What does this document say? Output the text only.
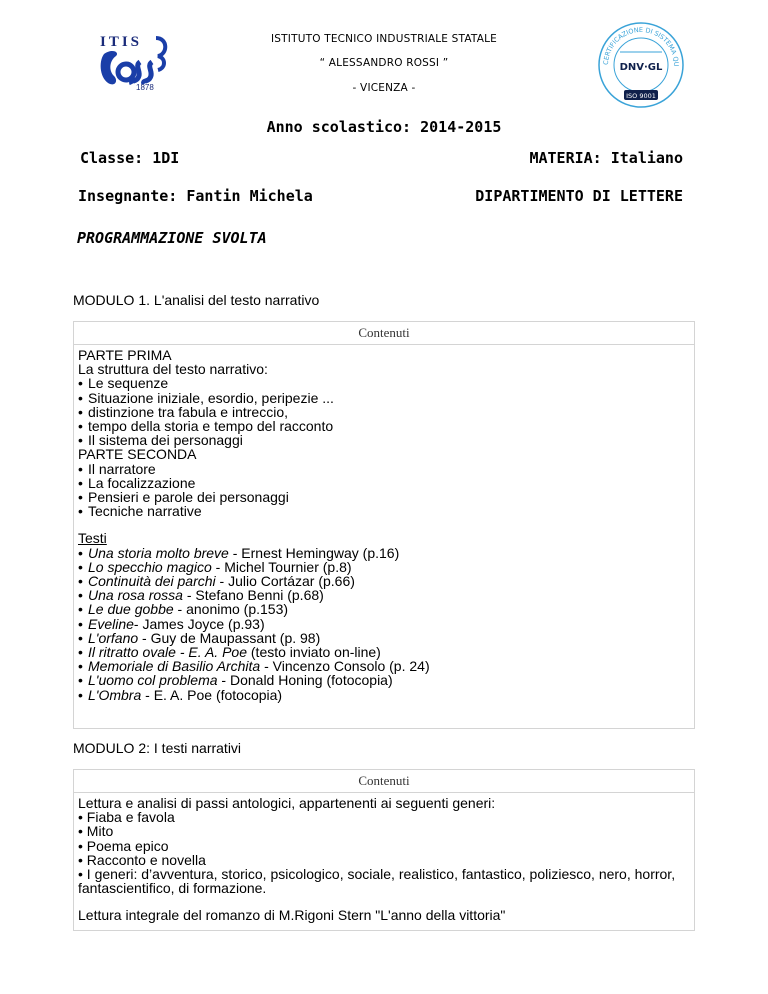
ITIS
1878
ISTITUTO TECNICO INDUSTRIALE STATALE
“ ALESSANDRO ROSSI ”
- VICENZA -
CERTIFICAZIONE DI SISTEMA QU
DNV·GL
ISO 9001
Anno scolastico: 2014-2015
Classe: 1DI	MATERIA: Italiano
Insegnante: Fantin Michela	DIPARTIMENTO DI LETTERE
PROGRAMMAZIONE SVOLTA
MODULO 1. L'analisi del testo narrativo
Contenuti
PARTE PRIMA
La struttura del testo narrativo:
• Le sequenze
• Situazione iniziale, esordio, peripezie ...
• distinzione tra fabula e intreccio,
• tempo della storia e tempo del racconto
• Il sistema dei personaggi
PARTE SECONDA
• Il narratore
• La focalizzazione
• Pensieri e parole dei personaggi
• Tecniche narrative
Testi
• Una storia molto breve - Ernest Hemingway (p.16)
• Lo specchio magico - Michel Tournier (p.8)
• Continuità dei parchi - Julio Cortázar (p.66)
• Una rosa rossa - Stefano Benni (p.68)
• Le due gobbe - anonimo (p.153)
• Eveline- James Joyce (p.93)
• L'orfano - Guy de Maupassant (p. 98)
• Il ritratto ovale - E. A. Poe (testo inviato on-line)
• Memoriale di Basilio Archita - Vincenzo Consolo (p. 24)
• L'uomo col problema - Donald Honing (fotocopia)
• L'Ombra - E. A. Poe (fotocopia)
MODULO 2: I testi narrativi
Contenuti
Lettura e analisi di passi antologici, appartenenti ai seguenti generi:
• Fiaba e favola
• Mito
• Poema epico
• Racconto e novella
• I generi: d’avventura, storico, psicologico, sociale, realistico, fantastico, poliziesco, nero, horror,
fantascientifico, di formazione.
Lettura integrale del romanzo di M.Rigoni Stern "L'anno della vittoria"
